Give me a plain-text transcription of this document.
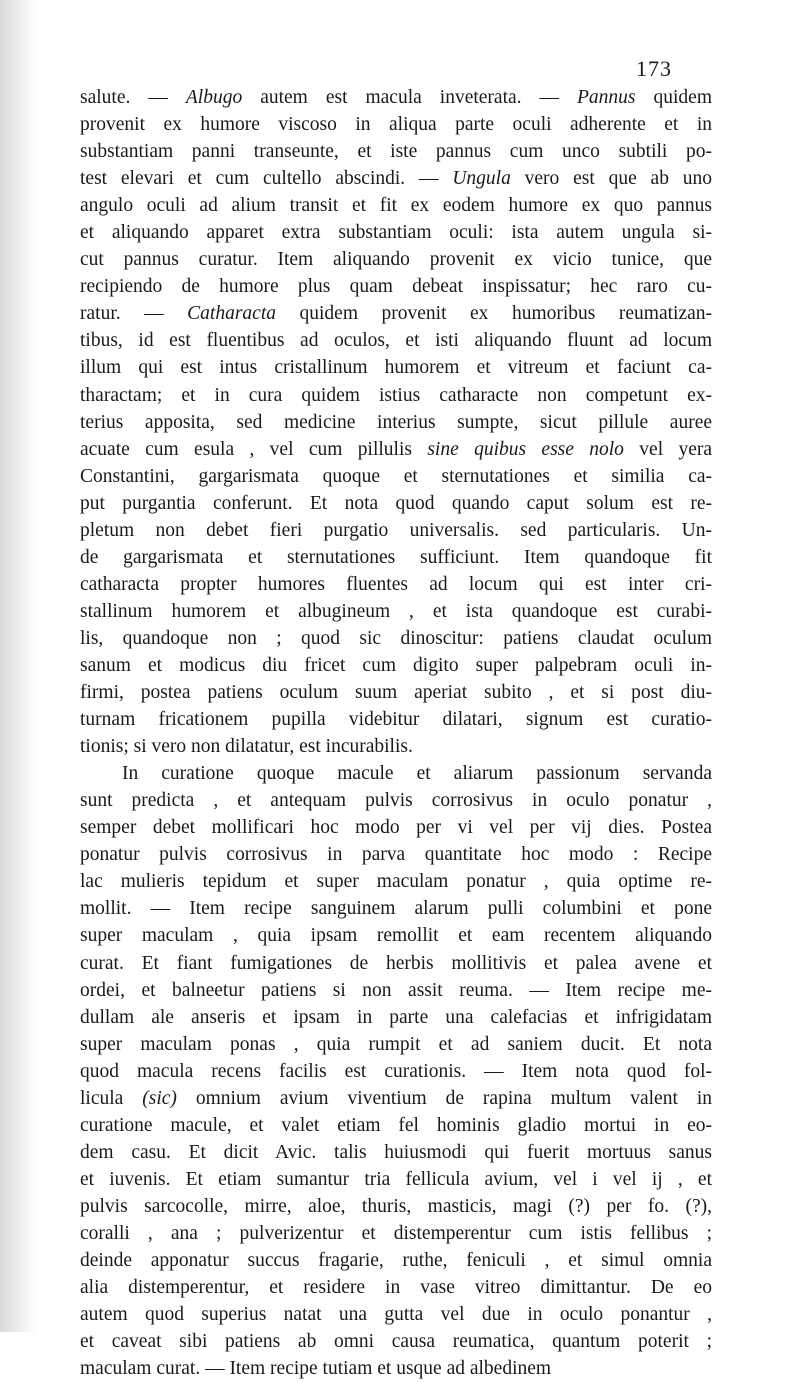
173
salute. — Albugo autem est macula inveterata. — Pannus quidem
provenit ex humore viscoso in aliqua parte oculi adherente et in
substantiam panni transeunte, et iste pannus cum unco subtili po-
test elevari et cum cultello abscindi. — Ungula vero est que ab uno
angulo oculi ad alium transit et fit ex eodem humore ex quo pannus
et aliquando apparet extra substantiam oculi: ista autem ungula si-
cut pannus curatur. Item aliquando provenit ex vicio tunice, que
recipiendo de humore plus quam debeat inspissatur; hec raro cu-
ratur. — Catharacta quidem provenit ex humoribus reumatizan-
tibus, id est fluentibus ad oculos, et isti aliquando fluunt ad locum
illum qui est intus cristallinum humorem et vitreum et faciunt ca-
tharactam; et in cura quidem istius catharacte non competunt ex-
terius apposita, sed medicine interius sumpte, sicut pillule auree
acuate cum esula , vel cum pillulis sine quibus esse nolo vel yera
Constantini, gargarismata quoque et sternutationes et similia ca-
put purgantia conferunt. Et nota quod quando caput solum est re-
pletum non debet fieri purgatio universalis. sed particularis. Un-
de gargarismata et sternutationes sufficiunt. Item quandoque fit
catharacta propter humores fluentes ad locum qui est inter cri-
stallinum humorem et albugineum , et ista quandoque est curabi-
lis, quandoque non ; quod sic dinoscitur: patiens claudat oculum
sanum et modicus diu fricet cum digito super palpebram oculi in-
firmi, postea patiens oculum suum aperiat subito , et si post diu-
turnam fricationem pupilla videbitur dilatari, signum est curatio-
tionis; si vero non dilatatur, est incurabilis.
In curatione quoque macule et aliarum passionum servanda
sunt predicta , et antequam pulvis corrosivus in oculo ponatur ,
semper debet mollificari hoc modo per vi vel per vij dies. Postea
ponatur pulvis corrosivus in parva quantitate hoc modo : Recipe
lac mulieris tepidum et super maculam ponatur , quia optime re-
mollit. — Item recipe sanguinem alarum pulli columbini et pone
super maculam , quia ipsam remollit et eam recentem aliquando
curat. Et fiant fumigationes de herbis mollitivis et palea avene et
ordei, et balneetur patiens si non assit reuma. — Item recipe me-
dullam ale anseris et ipsam in parte una calefacias et infrigidatam
super maculam ponas , quia rumpit et ad saniem ducit. Et nota
quod macula recens facilis est curationis. — Item nota quod fol-
licula (sic) omnium avium viventium de rapina multum valent in
curatione macule, et valet etiam fel hominis gladio mortui in eo-
dem casu. Et dicit Avic. talis huiusmodi qui fuerit mortuus sanus
et iuvenis. Et etiam sumantur tria fellicula avium, vel i vel ij , et
pulvis sarcocolle, mirre, aloe, thuris, masticis, magi (?) per fo. (?),
coralli , ana ; pulverizentur et distemperentur cum istis fellibus ;
deinde apponatur succus fragarie, ruthe, feniculi , et simul omnia
alia distemperentur, et residere in vase vitreo dimittantur. De eo
autem quod superius natat una gutta vel due in oculo ponantur ,
et caveat sibi patiens ab omni causa reumatica, quantum poterit ;
maculam curat. — Item recipe tutiam et usque ad albedinem
